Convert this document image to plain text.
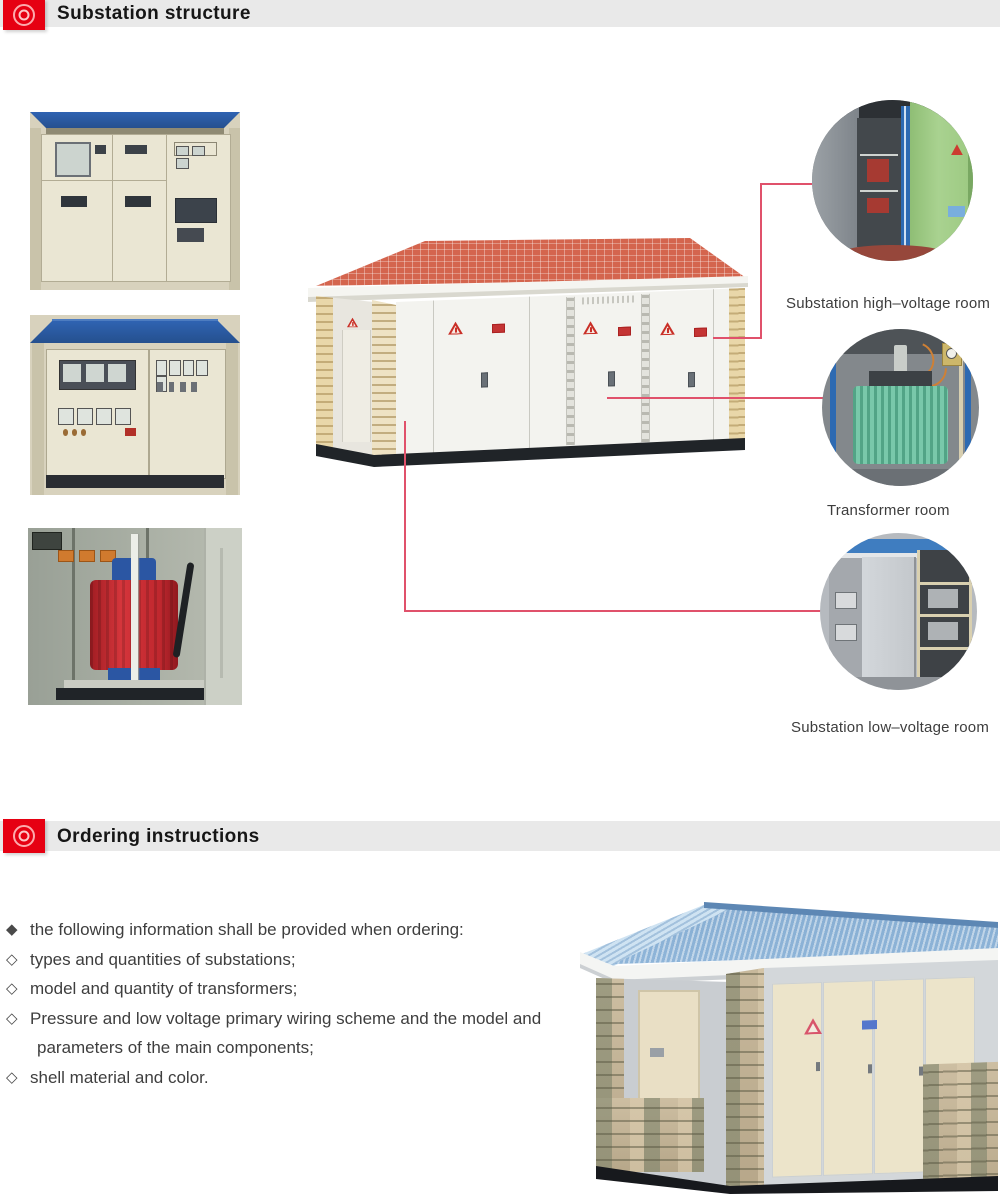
Substation structure
Substation high–voltage room
Transformer room
Substation low–voltage room
Ordering instructions
◆ the following information shall be provided when ordering:
◇ types and quantities of substations;
◇ model and quantity of transformers;
◇ Pressure and low voltage primary wiring scheme and the model and
parameters of the main components;
◇ shell material and color.
